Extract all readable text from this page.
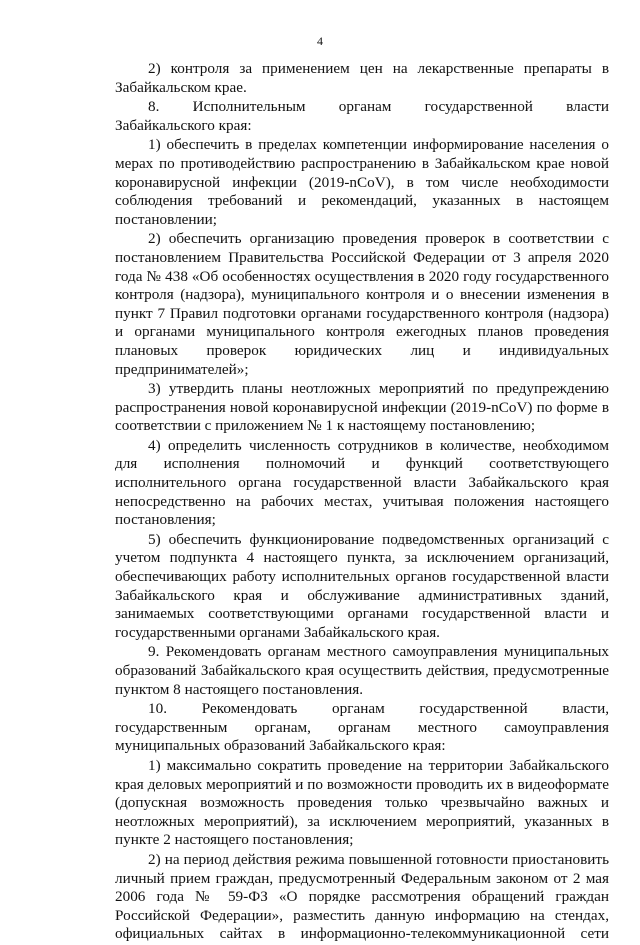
4

2) контроля за применением цен на лекарственные препараты в Забайкальском крае.

8.	Исполнительным	органам	государственной	власти

Забайкальского края:

1) обеспечить в пределах компетенции информирование населения о мерах по противодействию распространению в Забайкальском крае новой коронавирусной инфекции (2019-nCoV), в том числе необходимости соблюдения требований и рекомендаций, указанных в настоящем постановлении;

2) обеспечить организацию проведения проверок в соответствии с постановлением Правительства Российской Федерации от 3 апреля 2020 года № 438 «Об особенностях осуществления в 2020 году государственного контроля (надзора), муниципального контроля и о внесении изменения в пункт 7 Правил подготовки органами государственного контроля (надзора) и органами муниципального контроля ежегодных планов проведения плановых проверок юридических лиц и индивидуальных предпринимателей»;

3) утвердить планы неотложных мероприятий по предупреждению распространения новой коронавирусной инфекции (2019-nCoV) по форме в соответствии с приложением № 1 к настоящему постановлению;

4) определить численность сотрудников в количестве, необходимом для исполнения полномочий и функций соответствующего исполнительного органа государственной власти Забайкальского края непосредственно на рабочих местах, учитывая положения настоящего постановления;

5) обеспечить функционирование подведомственных организаций с учетом подпункта 4 настоящего пункта, за исключением организаций, обеспечивающих работу исполнительных органов государственной власти Забайкальского края и обслуживание административных зданий, занимаемых соответствующими органами государственной власти и государственными органами Забайкальского края.

9. Рекомендовать органам местного самоуправления муниципальных образований Забайкальского края осуществить действия, предусмотренные пунктом 8 настоящего постановления.

10. Рекомендовать органам государственной власти,
государственным органам, органам местного самоуправления

муниципальных образований Забайкальского края:

1) максимально сократить проведение на территории Забайкальского края деловых мероприятий и по возможности проводить их в видеоформате (допускная возможность проведения только чрезвычайно важных и неотложных мероприятий), за исключением мероприятий, указанных в пункте 2 настоящего постановления;

2) на период действия режима повышенной готовности приостановить личный прием граждан, предусмотренный Федеральным законом от 2 мая 2006 года № 59-ФЗ «О порядке рассмотрения обращений граждан Российской Федерации», разместить данную информацию на стендах, официальных сайтах в информационно-телекоммуникационной сети
